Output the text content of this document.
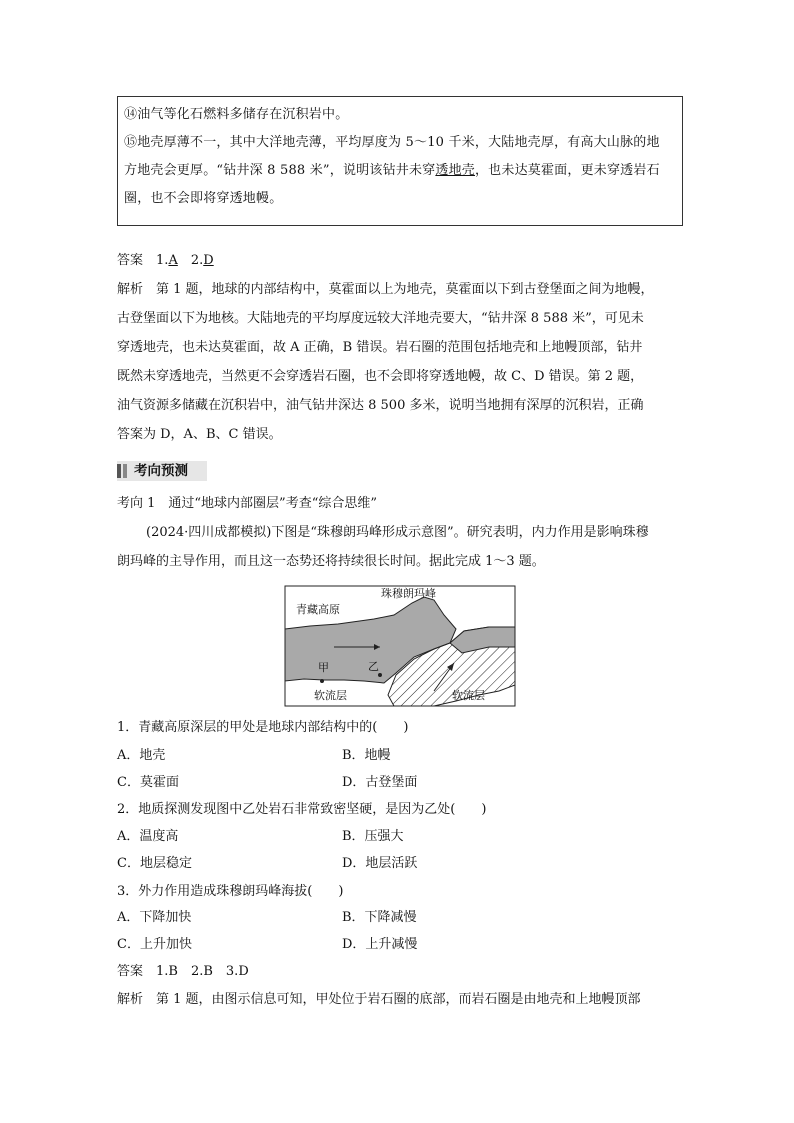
⑭油气等化石燃料多储存在沉积岩中。

⑮地壳厚薄不一，其中大洋地壳薄，平均厚度为 5～10 千米，大陆地壳厚，有高大山脉的地
方地壳会更厚。“钻井深 8 588 米”，说明该钻井未穿透地壳，也未达莫霍面，更未穿透岩石
圈，也不会即将穿透地幔。

答案　 1.A　 2.D
解析　第 1 题，地球的内部结构中，莫霍面以上为地壳，莫霍面以下到古登堡面之间为地幔，
古登堡面以下为地核。大陆地壳的平均厚度远较大洋地壳要大，“钻井深 8 588 米”，可见未
穿透地壳，也未达莫霍面，故 A 正确，B 错误。岩石圈的范围包括地壳和上地幔顶部，钻井
既然未穿透地壳，当然更不会穿透岩石圈，也不会即将穿透地幔，故 C、D 错误。第 2 题，
油气资源多储藏在沉积岩中，油气钻井深达 8 500 多米，说明当地拥有深厚的沉积岩，正确
答案为 D，A、B、C 错误。
考向预测
考向 1　通过“地球内部圈层”考查“综合思维”
(2024·四川成都模拟)下图是“珠穆朗玛峰形成示意图”。研究表明，内力作用是影响珠穆
朗玛峰的主导作用，而且这一态势还将持续很长时间。据此完成 1～3 题。
珠穆朗玛峰
青藏高原
甲	乙
软流层	软流层
1．青藏高原深层的甲处是地球内部结构中的(　　)
A．地壳	B．地幔
C．莫霍面	D．古登堡面
2．地质探测发现图中乙处岩石非常致密坚硬，是因为乙处(　　)
A．温度高	B．压强大
C．地层稳定	D．地层活跃
3．外力作用造成珠穆朗玛峰海拔(　　)
A．下降加快	B．下降减慢
C．上升加快	D．上升减慢
答案　1.B　2.B　3.D
解析　第 1 题，由图示信息可知，甲处位于岩石圈的底部，而岩石圈是由地壳和上地幔顶部
